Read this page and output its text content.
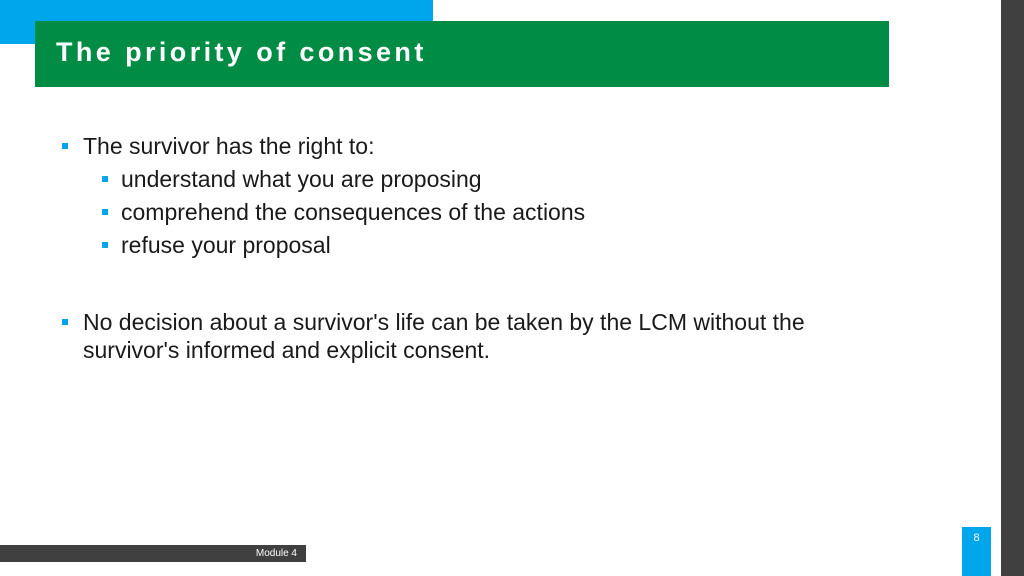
The priority of consent
The survivor has the right to:
understand what you are proposing
comprehend the consequences of the actions
refuse your proposal
No decision about a survivor's life can be taken by the LCM without the
survivor's informed and explicit consent.
Module 4
8
